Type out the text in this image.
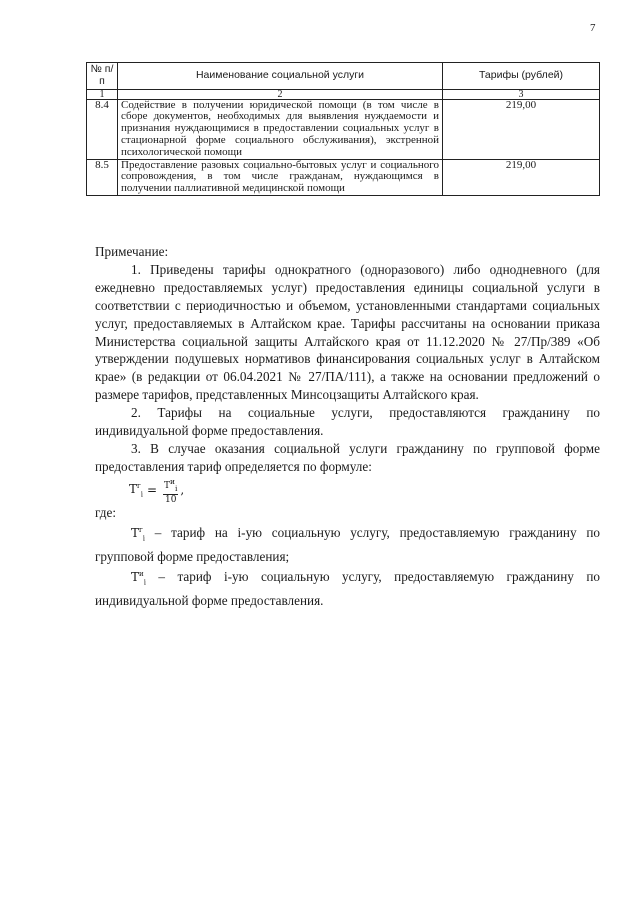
7
№ п/п	Наименование социальной услуги	Тарифы (рублей)
1	2	3
8.4	Содействие в получении юридической помощи (в том числе в сборе документов, необходимых для выявления нуждаемости и признания нуждающимися в предоставлении социальных услуг в стационарной форме социального обслуживания), экстренной психологической помощи	219,00
8.5	Предоставление разовых социально-бытовых услуг и социального сопровождения, в том числе гражданам, нуждающимся в получении паллиативной медицинской помощи	219,00

Примечание:

1. Приведены тарифы однократного (одноразового) либо однодневного (для ежедневно предоставляемых услуг) предоставления единицы социальной услуги в соответствии с периодичностью и объемом, установленными стандартами социальных услуг, предоставляемых в Алтайском крае. Тарифы рассчитаны на основании приказа Министерства социальной защиты Алтайского края от 11.12.2020 № 27/Пр/389 «Об утверждении подушевых нормативов финансирования социальных услуг в Алтайском крае» (в редакции от 06.04.2021 № 27/ПА/111), а также на основании предложений о размере тарифов, представленных Минсоцзащиты Алтайского края.

2. Тарифы на социальные услуги, предоставляются гражданину по индивидуальной форме предоставления.

3. В случае оказания социальной услуги гражданину по групповой форме предоставления тариф определяется по формуле:

$T^г_i = \frac{T^и_i}{10}$ ,

где:

$T^г_i$ – тариф на i-ую социальную услугу, предоставляемую гражданину по групповой форме предоставления;

$T^и_i$ – тариф i-ую социальную услугу, предоставляемую гражданину по индивидуальной форме предоставления.
